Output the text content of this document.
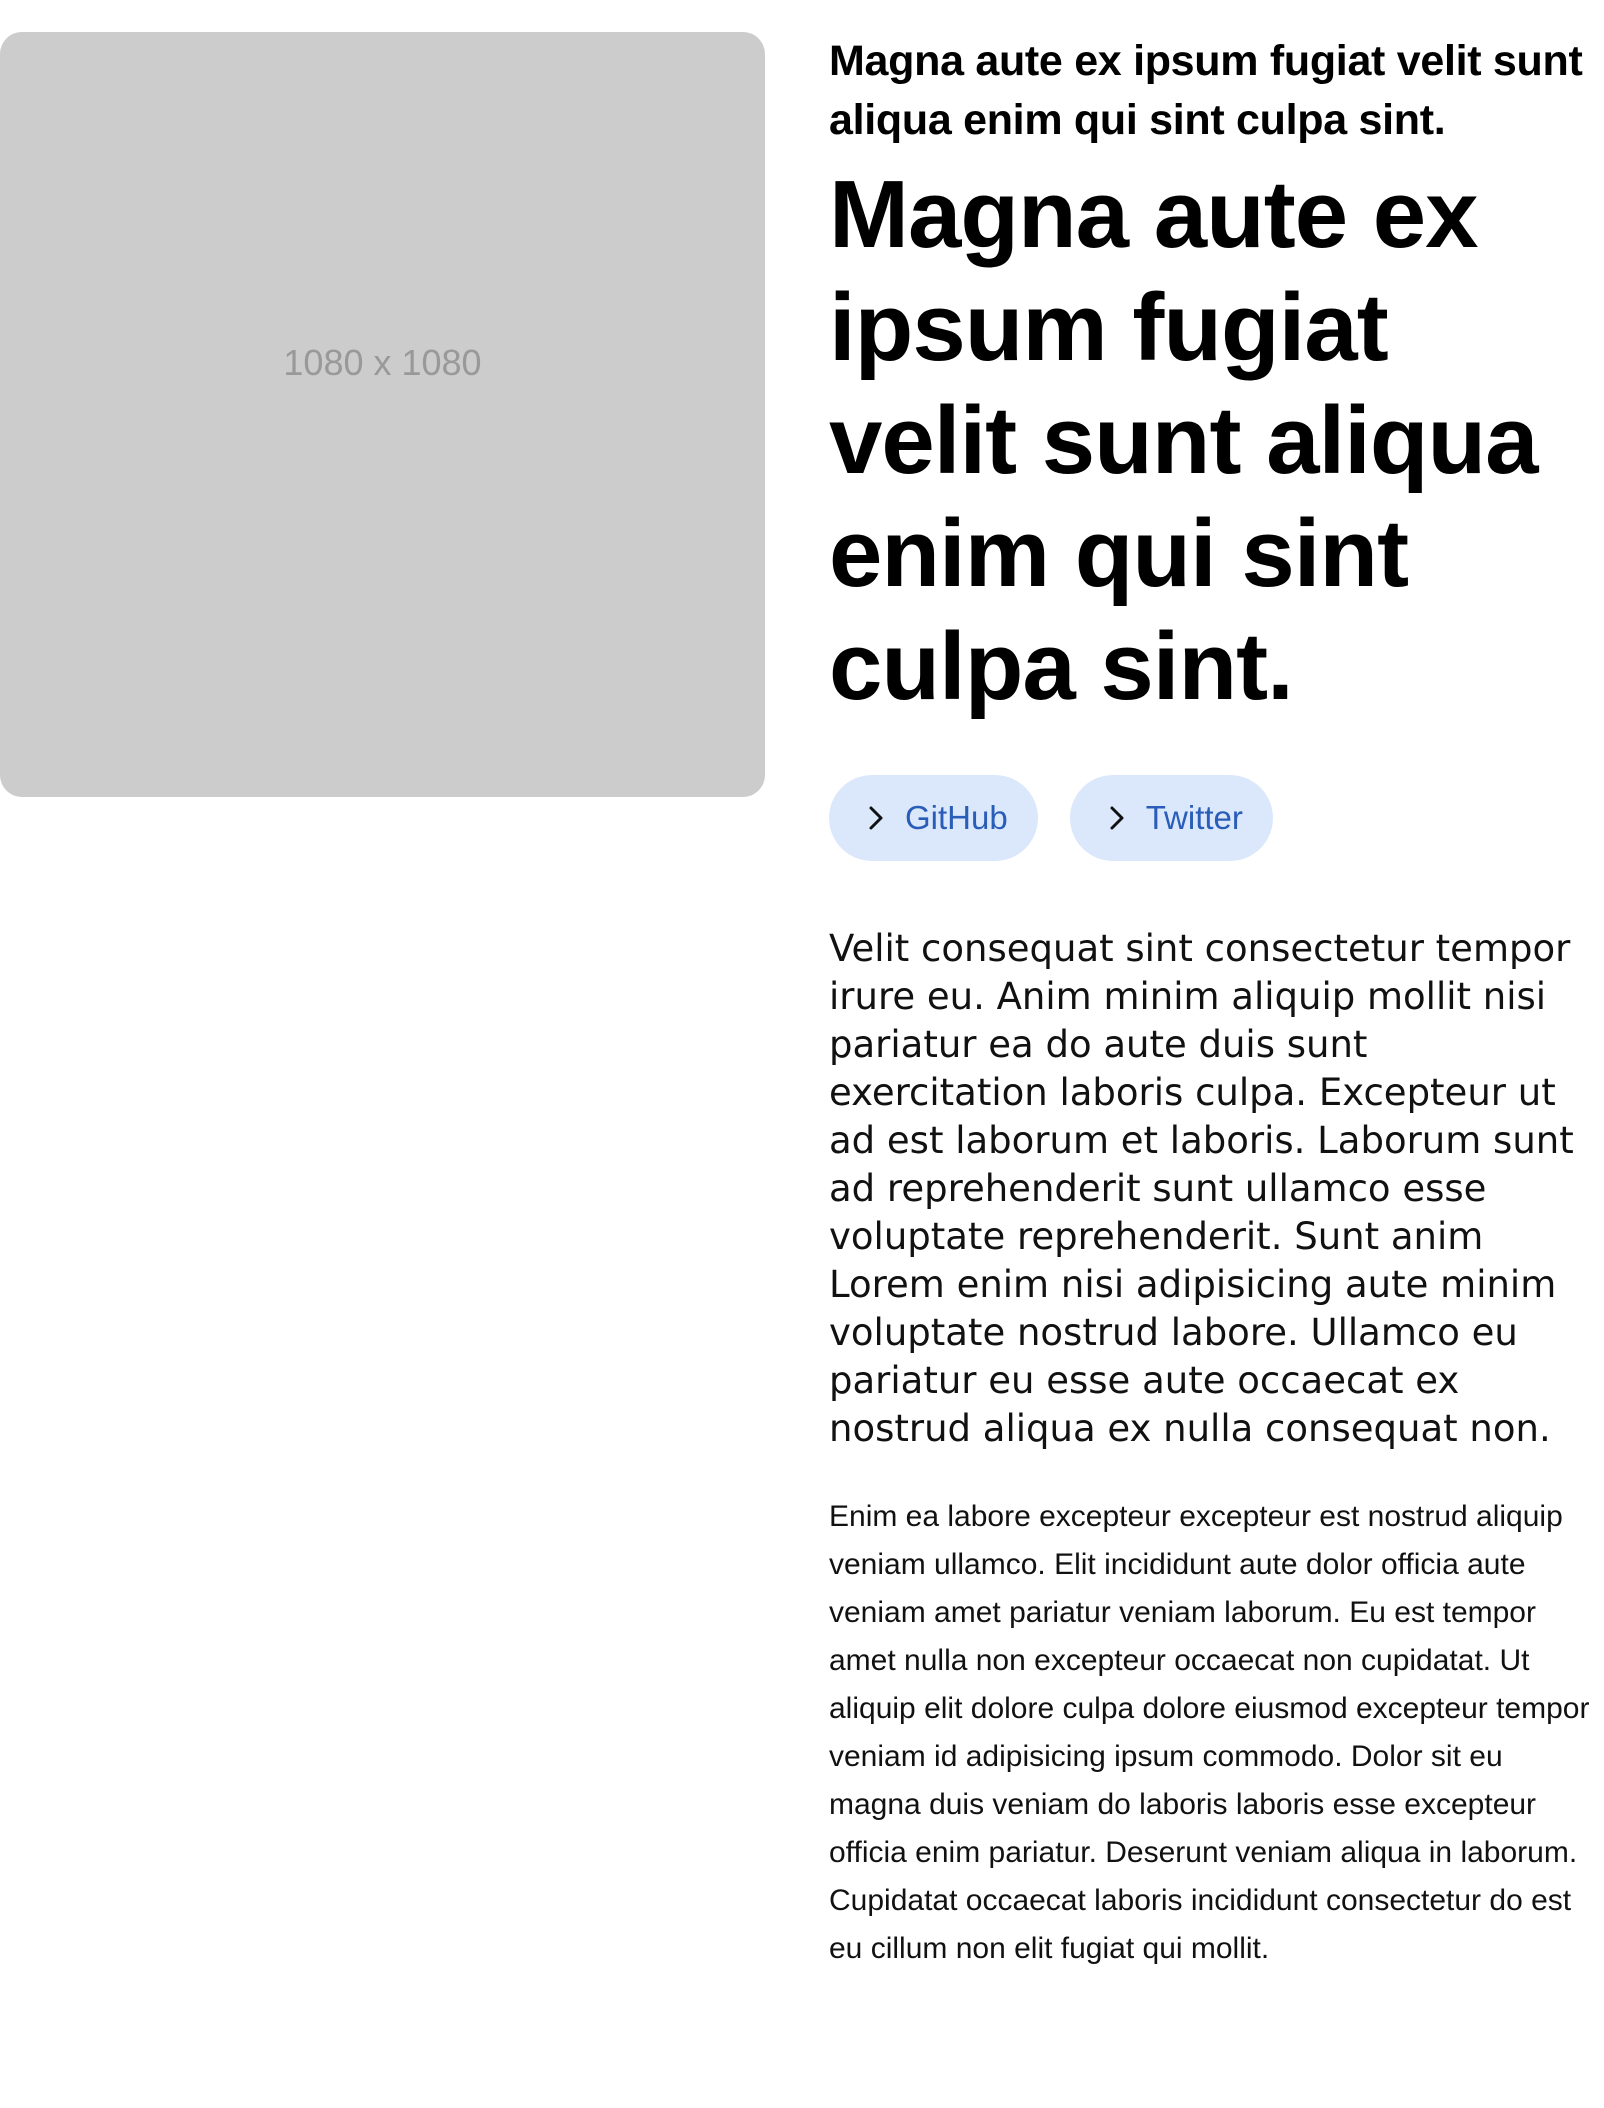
1080 x 1080
Magna aute ex ipsum fugiat velit sunt aliqua enim qui sint culpa sint.
Magna aute ex ipsum fugiat velit sunt aliqua enim qui sint culpa sint.
GitHub	Twitter

Velit consequat sint consectetur tempor irure eu. Anim minim aliquip mollit nisi pariatur ea do aute duis sunt exercitation laboris culpa. Excepteur ut ad est laborum et laboris. Laborum sunt ad reprehenderit sunt ullamco esse voluptate reprehenderit. Sunt anim Lorem enim nisi adipisicing aute minim voluptate nostrud labore. Ullamco eu pariatur eu esse aute occaecat ex nostrud aliqua ex nulla consequat non.

Enim ea labore excepteur excepteur est nostrud aliquip veniam ullamco. Elit incididunt aute dolor officia aute veniam amet pariatur veniam laborum. Eu est tempor amet nulla non excepteur occaecat non cupidatat. Ut aliquip elit dolore culpa dolore eiusmod excepteur tempor veniam id adipisicing ipsum commodo. Dolor sit eu magna duis veniam do laboris laboris esse excepteur officia enim pariatur. Deserunt veniam aliqua in laborum. Cupidatat occaecat laboris incididunt consectetur do est eu cillum non elit fugiat qui mollit.
